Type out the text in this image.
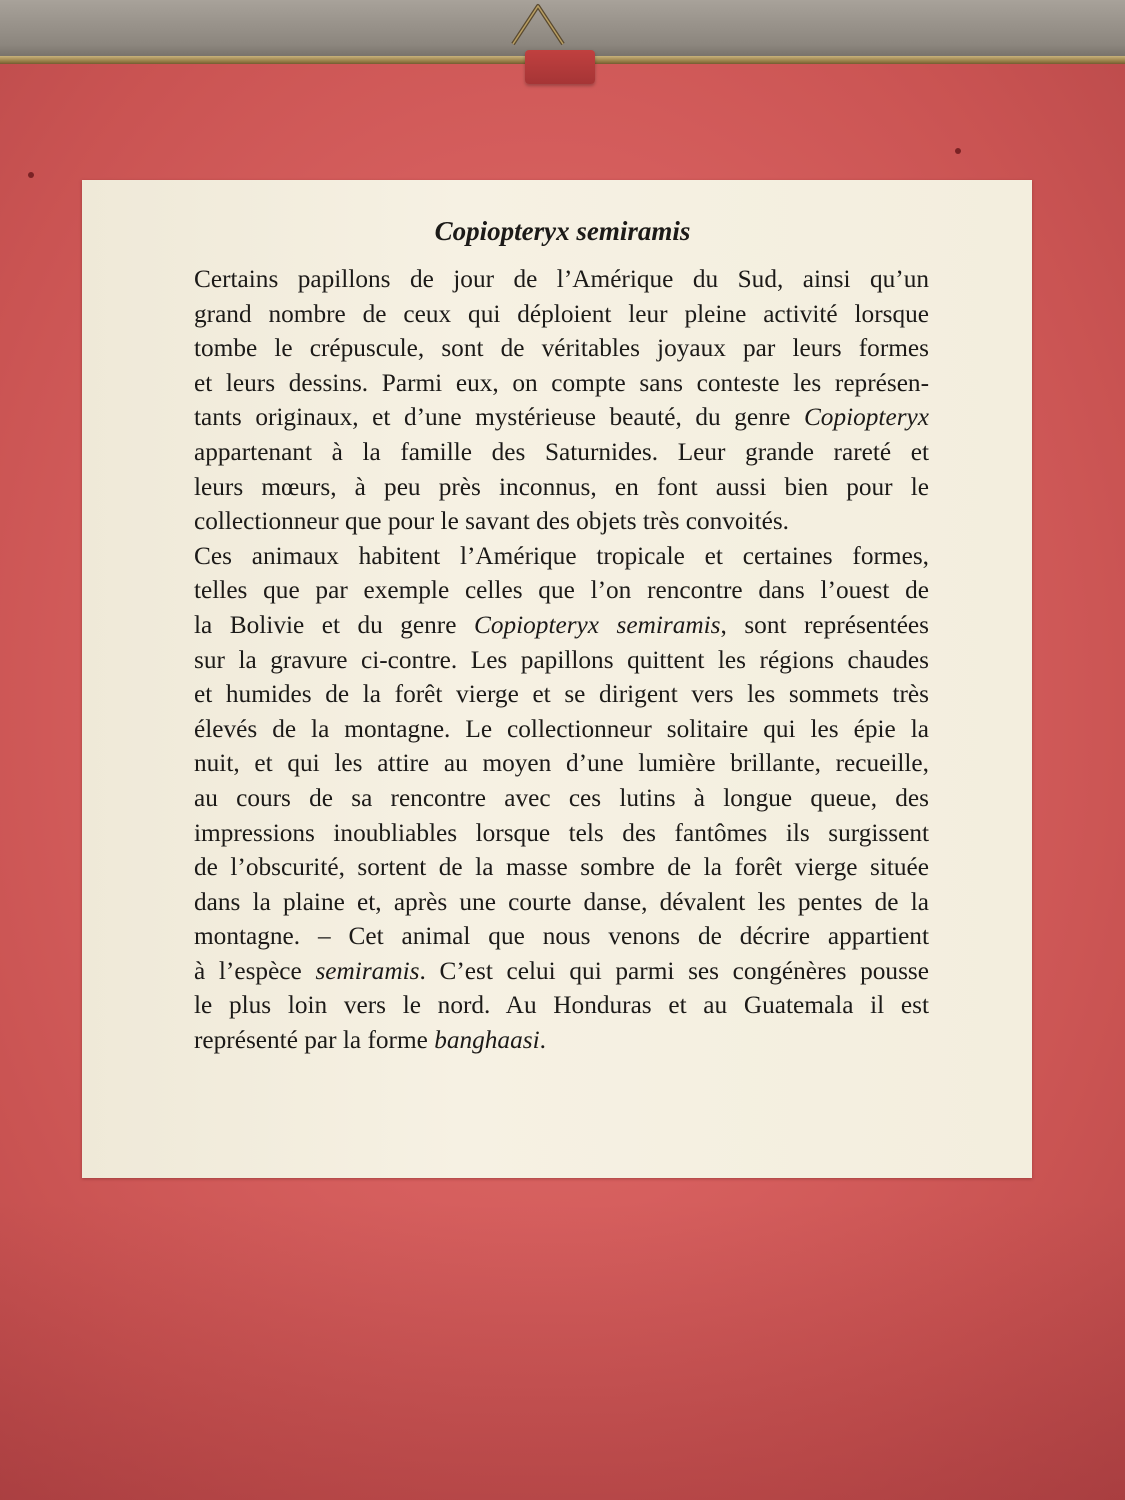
Copiopteryx semiramis

Certains papillons de jour de l’Amérique du Sud, ainsi qu’un
grand nombre de ceux qui déploient leur pleine activité lorsque
tombe le crépuscule, sont de véritables joyaux par leurs formes
et leurs dessins. Parmi eux, on compte sans conteste les représen-
tants originaux, et d’une mystérieuse beauté, du genre Copiopteryx
appartenant à la famille des Saturnides. Leur grande rareté et
leurs mœurs, à peu près inconnus, en font aussi bien pour le
collectionneur que pour le savant des objets très convoités.
Ces animaux habitent l’Amérique tropicale et certaines formes,
telles que par exemple celles que l’on rencontre dans l’ouest de
la Bolivie et du genre Copiopteryx semiramis, sont représentées
sur la gravure ci-contre. Les papillons quittent les régions chaudes
et humides de la forêt vierge et se dirigent vers les sommets très
élevés de la montagne. Le collectionneur solitaire qui les épie la
nuit, et qui les attire au moyen d’une lumière brillante, recueille,
au cours de sa rencontre avec ces lutins à longue queue, des
impressions inoubliables lorsque tels des fantômes ils surgissent
de l’obscurité, sortent de la masse sombre de la forêt vierge située
dans la plaine et, après une courte danse, dévalent les pentes de la
montagne. – Cet animal que nous venons de décrire appartient
à l’espèce semiramis. C’est celui qui parmi ses congénères pousse
le plus loin vers le nord. Au Honduras et au Guatemala il est
représenté par la forme banghaasi.
